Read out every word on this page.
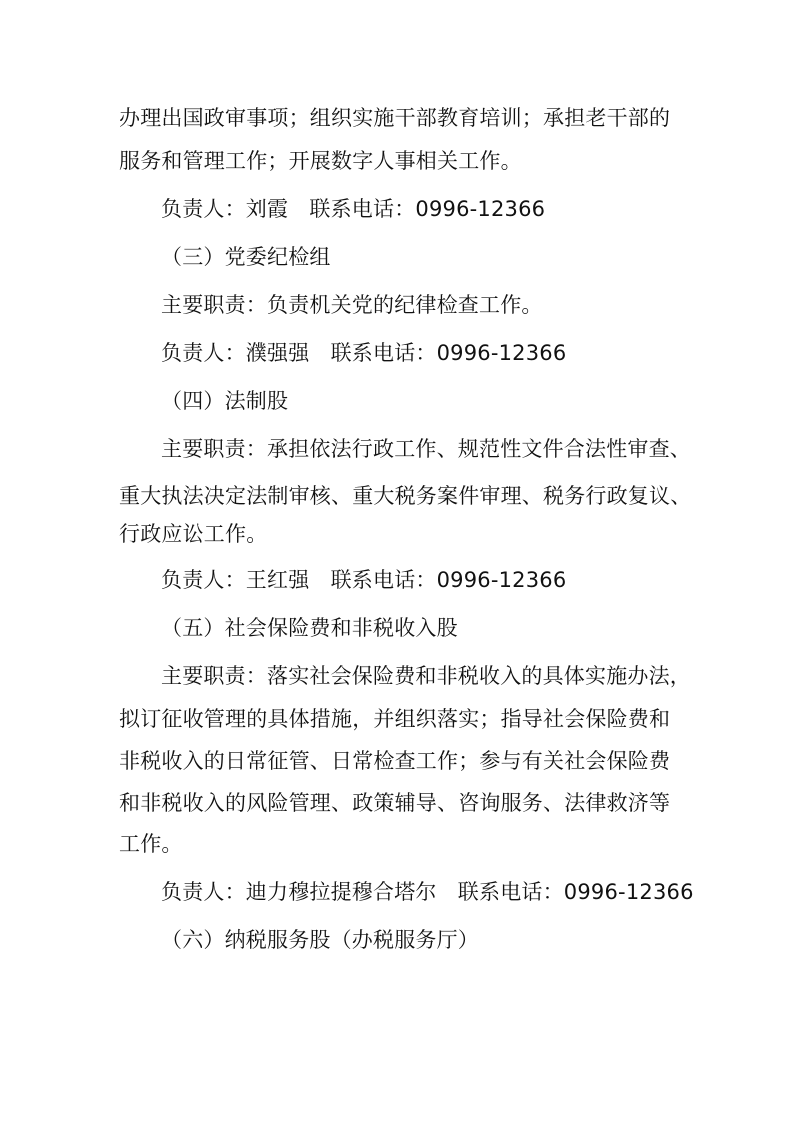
办理出国政审事项；组织实施干部教育培训；承担老干部的
服务和管理工作；开展数字人事相关工作。
负责人：刘霞　联系电话：0996-12366
（三）党委纪检组
主要职责：负责机关党的纪律检查工作。
负责人：濮强强　联系电话：0996-12366
（四）法制股
主要职责：承担依法行政工作、规范性文件合法性审查、
重大执法决定法制审核、重大税务案件审理、税务行政复议、
行政应讼工作。
负责人：王红强　联系电话：0996-12366
（五）社会保险费和非税收入股
主要职责：落实社会保险费和非税收入的具体实施办法，
拟订征收管理的具体措施，并组织落实；指导社会保险费和
非税收入的日常征管、日常检查工作；参与有关社会保险费
和非税收入的风险管理、政策辅导、咨询服务、法律救济等
工作。
负责人：迪力穆拉提穆合塔尔　联系电话：0996-12366
（六）纳税服务股（办税服务厅）
